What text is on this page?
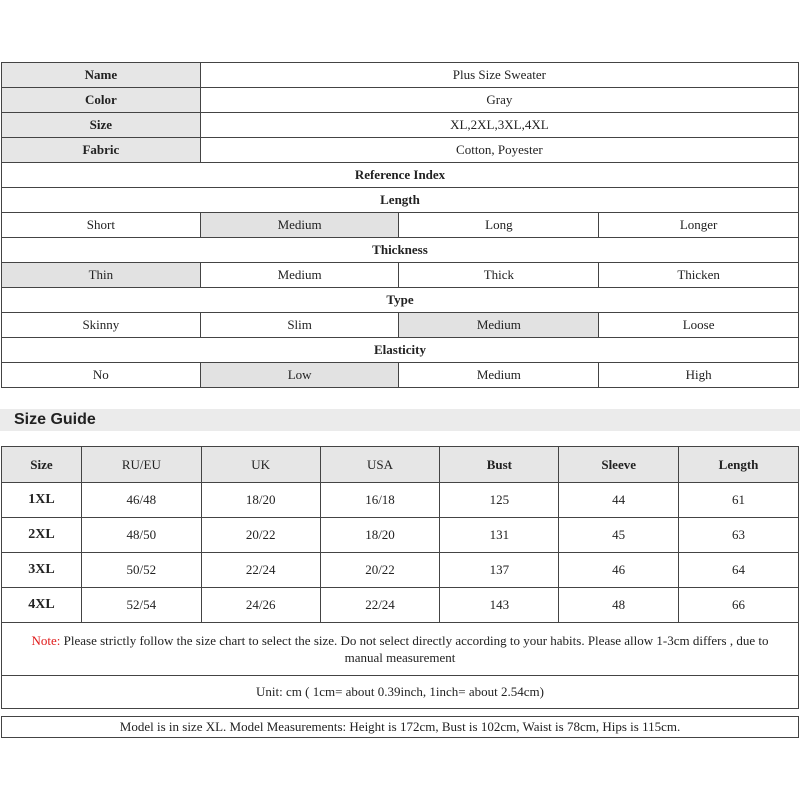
Name	Plus Size Sweater		
Color	Gray		
Size	XL,2XL,3XL,4XL		
Fabric	Cotton, Poyester		
Reference Index			
Length			
Short	Medium	Long	Longer
Thickness			
Thin	Medium	Thick	Thicken
Type			
Skinny	Slim	Medium	Loose
Elasticity			
No	Low	Medium	High
Size Guide
Size	RU/EU	UK	USA	Bust	Sleeve	Length
1XL	46/48	18/20	16/18	125	44	61
2XL	48/50	20/22	18/20	131	45	63
3XL	50/52	22/24	20/22	137	46	64
4XL	52/54	24/26	22/24	143	48	66
Note: Please strictly follow the size chart to select the size. Do not select directly according to your habits. Please allow 1-3cm differs , due to manual measurement						
Unit: cm ( 1cm= about 0.39inch, 1inch= about 2.54cm)						
Model is in size XL. Model Measurements: Height is 172cm, Bust is 102cm, Waist is 78cm, Hips is 115cm.
